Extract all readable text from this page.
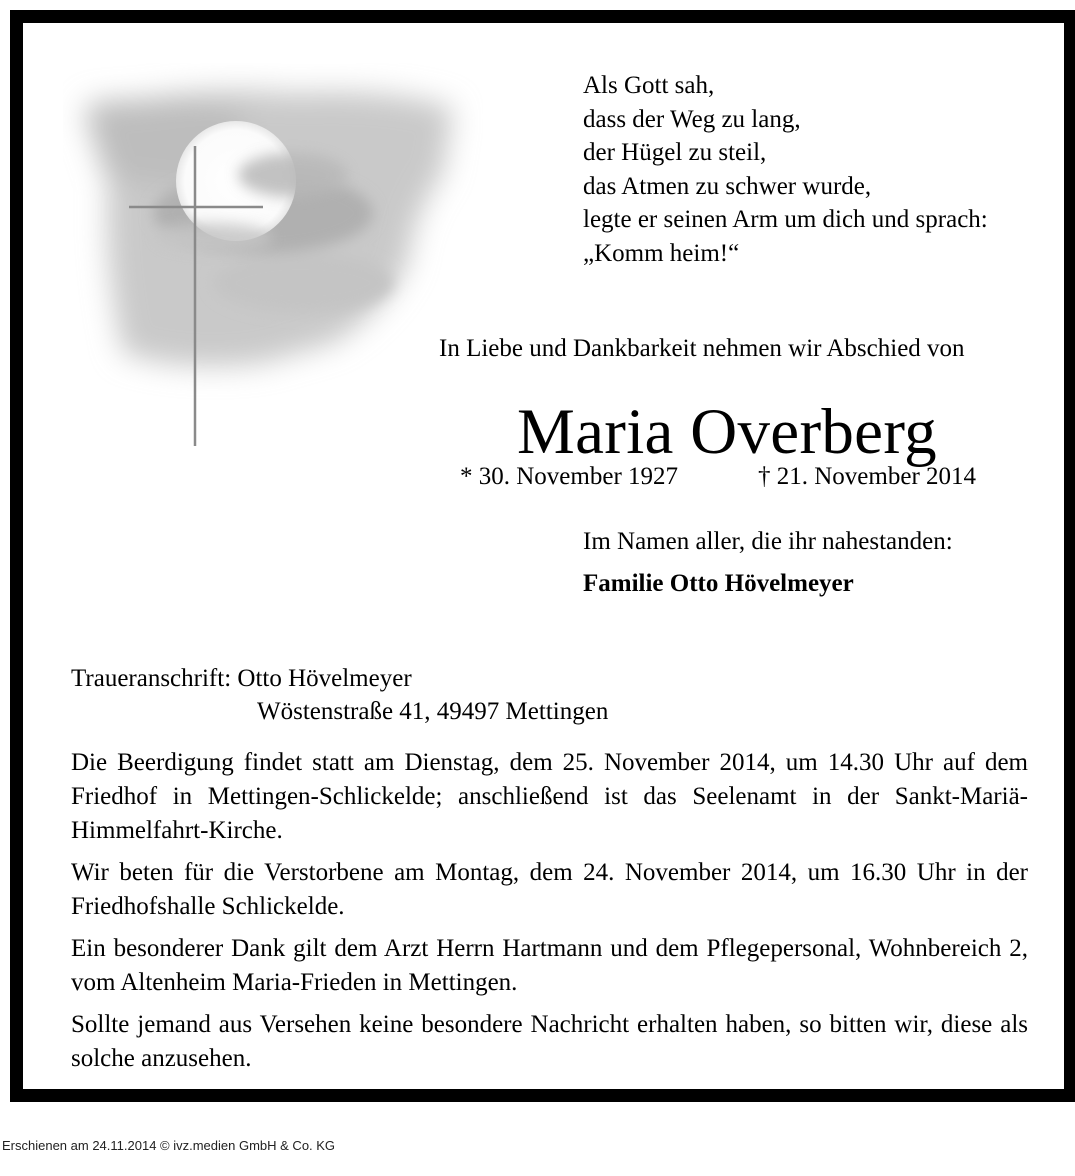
Als Gott sah,
dass der Weg zu lang,
der Hügel zu steil,
das Atmen zu schwer wurde,
legte er seinen Arm um dich und sprach:
„Komm heim!“
In Liebe und Dankbarkeit nehmen wir Abschied von
Maria Overberg
* 30. November 1927	† 21. November 2014
Im Namen aller, die ihr nahestanden:
Familie Otto Hövelmeyer
Traueranschrift: Otto Hövelmeyer
Wöstenstraße 41, 49497 Mettingen

Die Beerdigung findet statt am Dienstag, dem 25. November 2014, um 14.30 Uhr auf dem Friedhof in Mettingen-Schlickelde; anschließend ist das Seelenamt in der Sankt-Mariä-Himmelfahrt-Kirche.

Wir beten für die Verstorbene am Montag, dem 24. November 2014, um 16.30 Uhr in der Friedhofshalle Schlickelde.

Ein besonderer Dank gilt dem Arzt Herrn Hartmann und dem Pflegepersonal, Wohnbereich 2, vom Altenheim Maria-Frieden in Mettingen.

Sollte jemand aus Versehen keine besondere Nachricht erhalten haben, so bitten wir, diese als solche anzusehen.

Erschienen am 24.11.2014 © ivz.medien GmbH & Co. KG
